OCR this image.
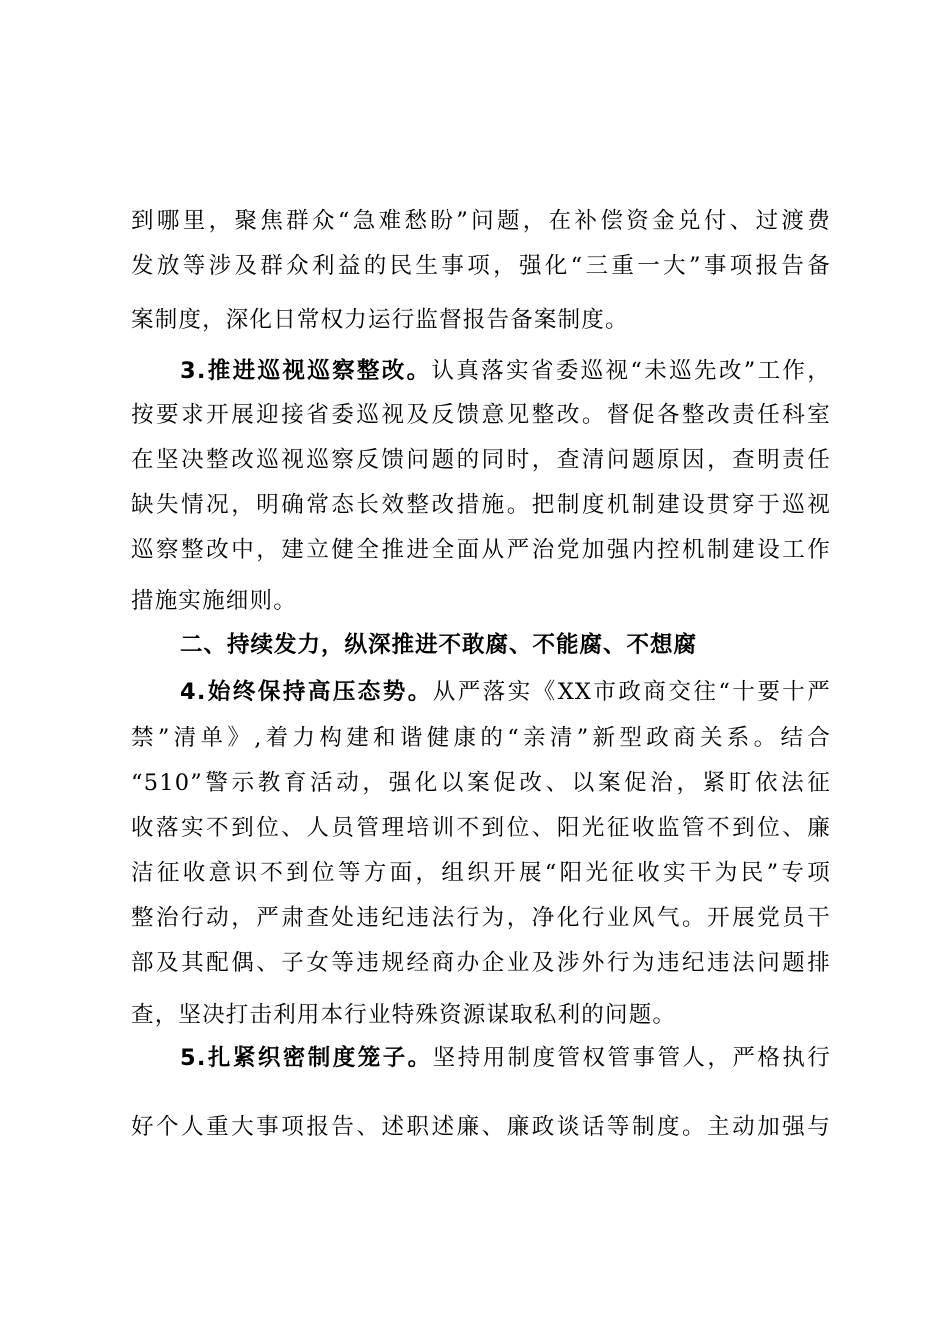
到哪里，聚焦群众“急难愁盼”问题，在补偿资金兑付、过渡费
发放等涉及群众利益的民生事项，强化“三重一大”事项报告备
案制度，深化日常权力运行监督报告备案制度。
3.推进巡视巡察整改。认真落实省委巡视“未巡先改”工作，
按要求开展迎接省委巡视及反馈意见整改。督促各整改责任科室
在坚决整改巡视巡察反馈问题的同时，查清问题原因，查明责任
缺失情况，明确常态长效整改措施。把制度机制建设贯穿于巡视
巡察整改中，建立健全推进全面从严治党加强内控机制建设工作
措施实施细则。
二、持续发力，纵深推进不敢腐、不能腐、不想腐
4.始终保持高压态势。从严落实《XX市政商交往“十要十严
禁”清单》,着力构建和谐健康的“亲清”新型政商关系。结合
“510”警示教育活动，强化以案促改、以案促治，紧盯依法征
收落实不到位、人员管理培训不到位、阳光征收监管不到位、廉
洁征收意识不到位等方面，组织开展“阳光征收实干为民”专项
整治行动，严肃查处违纪违法行为，净化行业风气。开展党员干
部及其配偶、子女等违规经商办企业及涉外行为违纪违法问题排
查，坚决打击利用本行业特殊资源谋取私利的问题。
5.扎紧织密制度笼子。坚持用制度管权管事管人，严格执行
好个人重大事项报告、述职述廉、廉政谈话等制度。主动加强与
